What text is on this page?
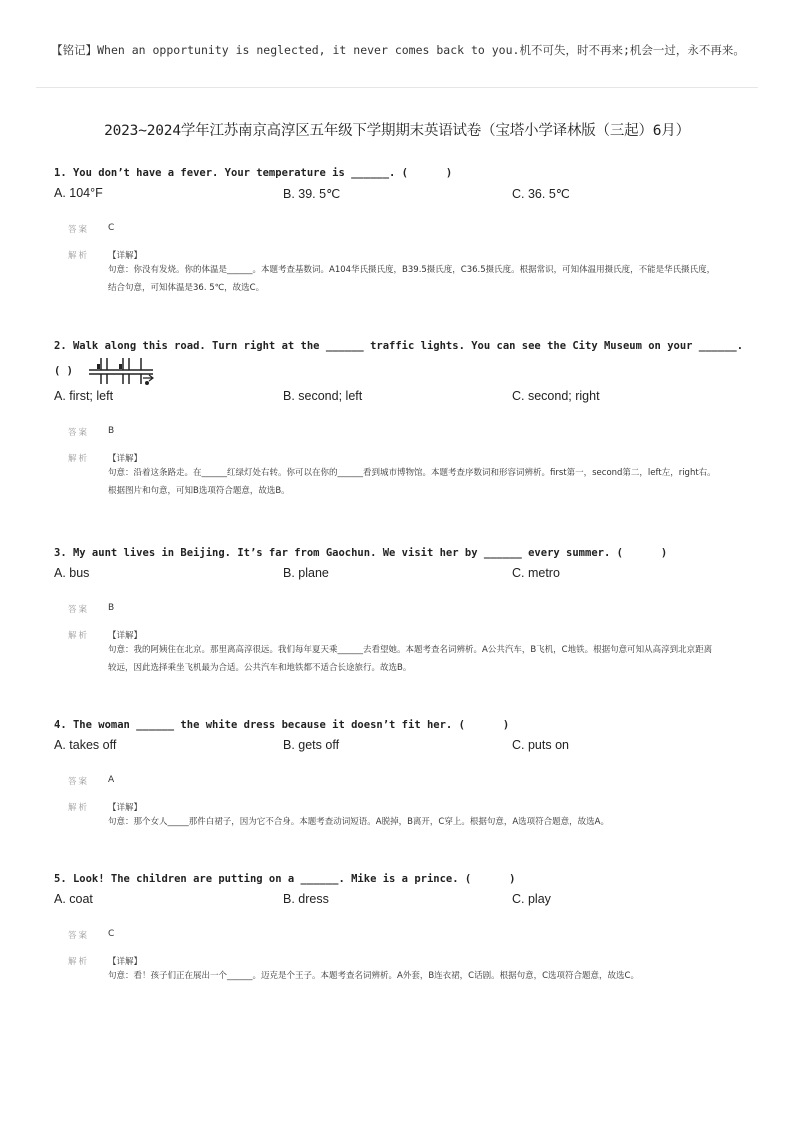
【铭记】When an opportunity is neglected, it never comes back to you.机不可失，时不再来;机会一过，永不再来。
2023~2024学年江苏南京高淳区五年级下学期期末英语试卷（宝塔小学译林版（三起）6月）
1. You don’t have a fever. Your temperature is ______. (      )
A. 104°F	B. 39. 5℃	C. 36. 5℃
答案	C
解析	【详解】
句意：你没有发烧。你的体温是______。本题考查基数词。A104华氏摄氏度，B39.5摄氏度，C36.5摄氏度。根据常识，可知体温用摄氏度，不能是华氏摄氏度，结合句意，可知体温是36. 5℃，故选C。
2. Walk along this road. Turn right at the ______ traffic lights. You can see the City Museum on your ______.
( )
A. first; left	B. second; left	C. second; right
答案	B
解析	【详解】
句意：沿着这条路走。在______红绿灯处右转。你可以在你的______看到城市博物馆。本题考查序数词和形容词辨析。first第一，second第二，left左，right右。根据图片和句意，可知B选项符合题意，故选B。
3. My aunt lives in Beijing. It’s far from Gaochun. We visit her by ______ every summer. (      )
A. bus	B. plane	C. metro
答案	B
解析	【详解】
句意：我的阿姨住在北京。那里离高淳很远。我们每年夏天乘______去看望她。本题考查名词辨析。A公共汽车，B飞机，C地铁。根据句意可知从高淳到北京距离较远，因此选择乘坐飞机最为合适。公共汽车和地铁都不适合长途旅行。故选B。
4. The woman ______ the white dress because it doesn’t fit her. (      )
A. takes off	B. gets off	C. puts on
答案	A
解析	【详解】
句意：那个女人_____那件白裙子，因为它不合身。本题考查动词短语。A脱掉，B离开，C穿上。根据句意，A选项符合题意，故选A。
5. Look! The children are putting on a ______. Mike is a prince. (      )
A. coat	B. dress	C. play
答案	C
解析	【详解】
句意：看！孩子们正在展出一个______。迈克是个王子。本题考查名词辨析。A外套，B连衣裙，C话剧。根据句意，C选项符合题意，故选C。
